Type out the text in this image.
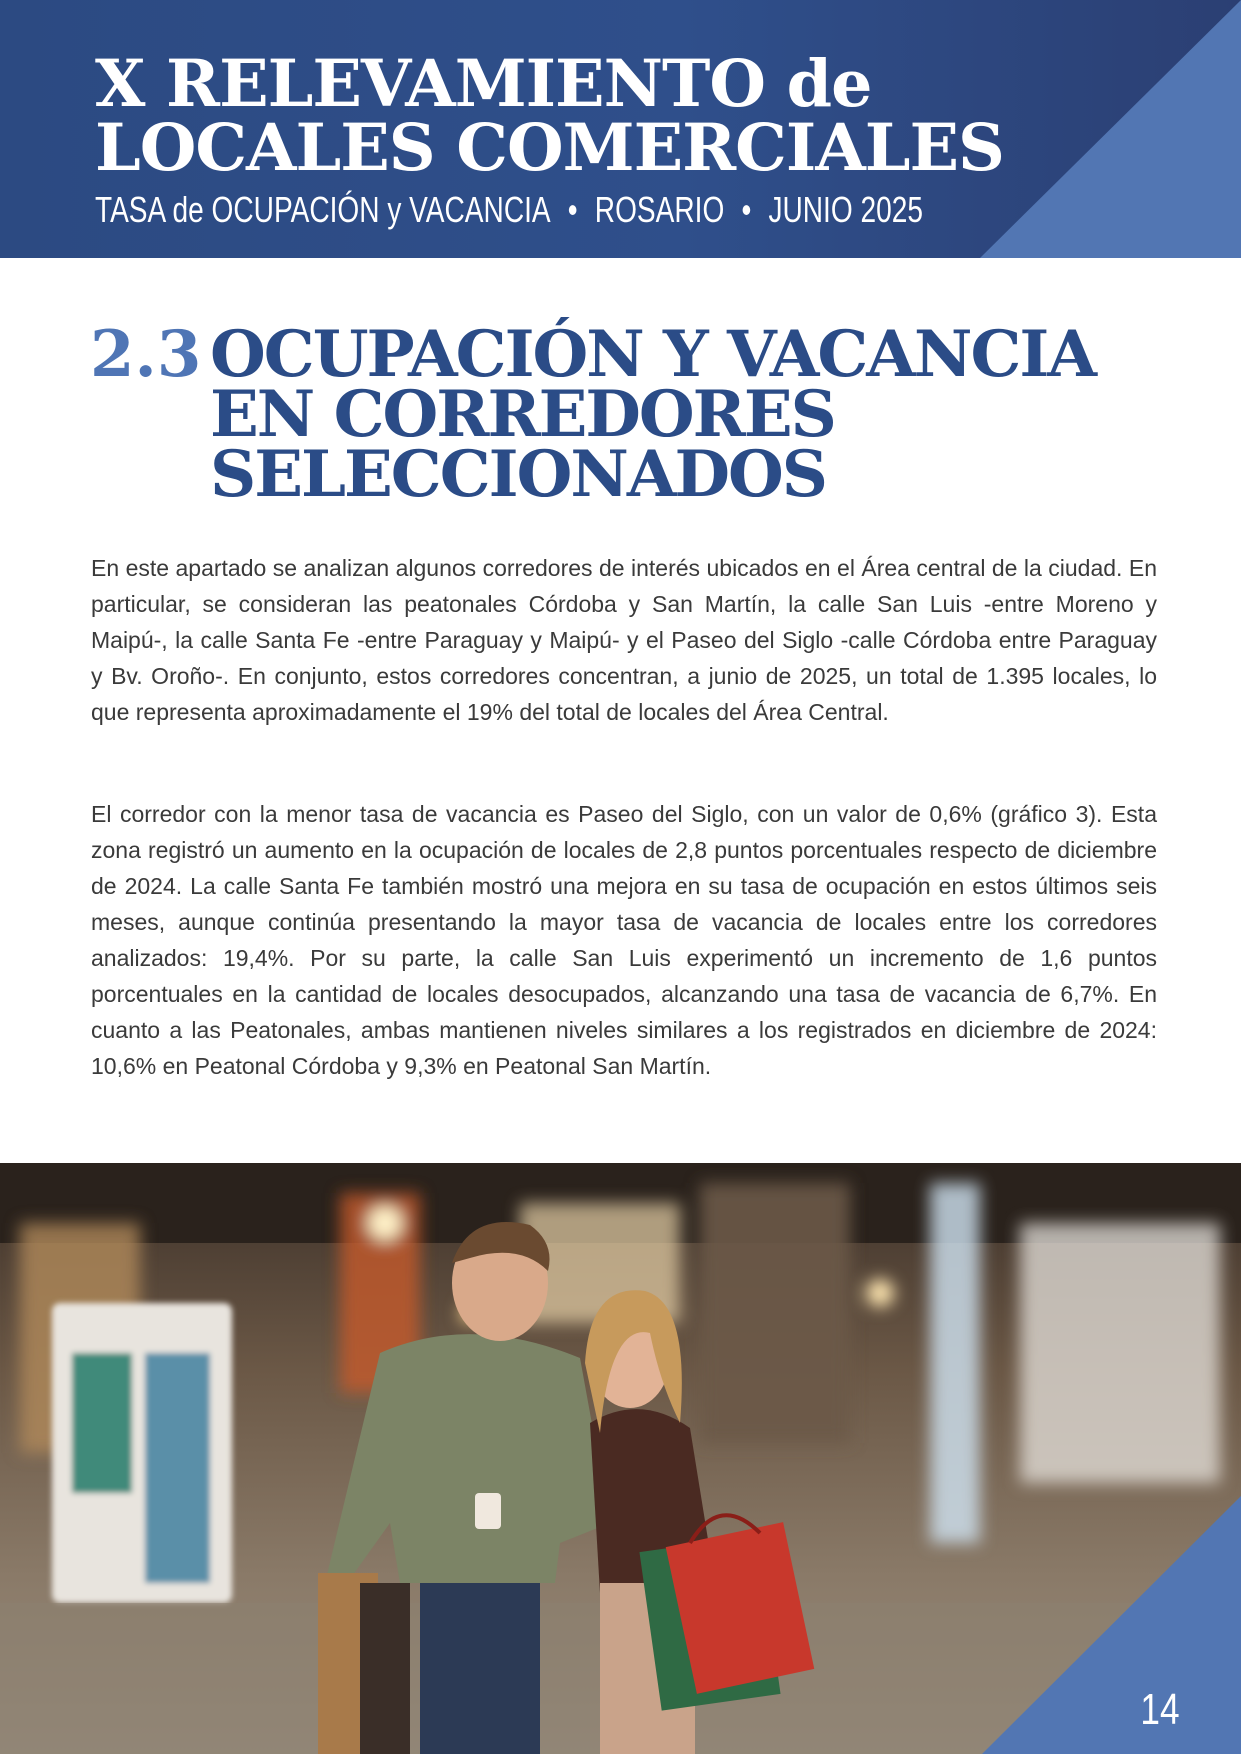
X RELEVAMIENTO de
LOCALES COMERCIALES
TASA de OCUPACIÓN y VACANCIA • ROSARIO • JUNIO 2025
2.3 OCUPACIÓN Y VACANCIA EN CORREDORES SELECCIONADOS

En este apartado se analizan algunos corredores de interés ubicados en el Área central de la ciudad. En particular, se consideran las peatonales Córdoba y San Martín, la calle San Luis -entre Moreno y Maipú-, la calle Santa Fe -entre Paraguay y Maipú- y el Paseo del Siglo -calle Córdoba entre Paraguay y Bv. Oroño-. En conjunto, estos corredores concentran, a junio de 2025, un total de 1.395 locales, lo que representa aproximadamente el 19% del total de locales del Área Central.

El corredor con la menor tasa de vacancia es Paseo del Siglo, con un valor de 0,6% (gráfico 3). Esta zona registró un aumento en la ocupación de locales de 2,8 puntos porcentuales respecto de diciembre de 2024. La calle Santa Fe también mostró una mejora en su tasa de ocupación en estos últimos seis meses, aunque continúa presentando la mayor tasa de vacancia de locales entre los corredores analizados: 19,4%. Por su parte, la calle San Luis experimentó un incremento de 1,6 puntos porcentuales en la cantidad de locales desocupados, alcanzando una tasa de vacancia de 6,7%. En cuanto a las Peatonales, ambas mantienen niveles similares a los registrados en diciembre de 2024: 10,6% en Peatonal Córdoba y 9,3% en Peatonal San Martín.

14
